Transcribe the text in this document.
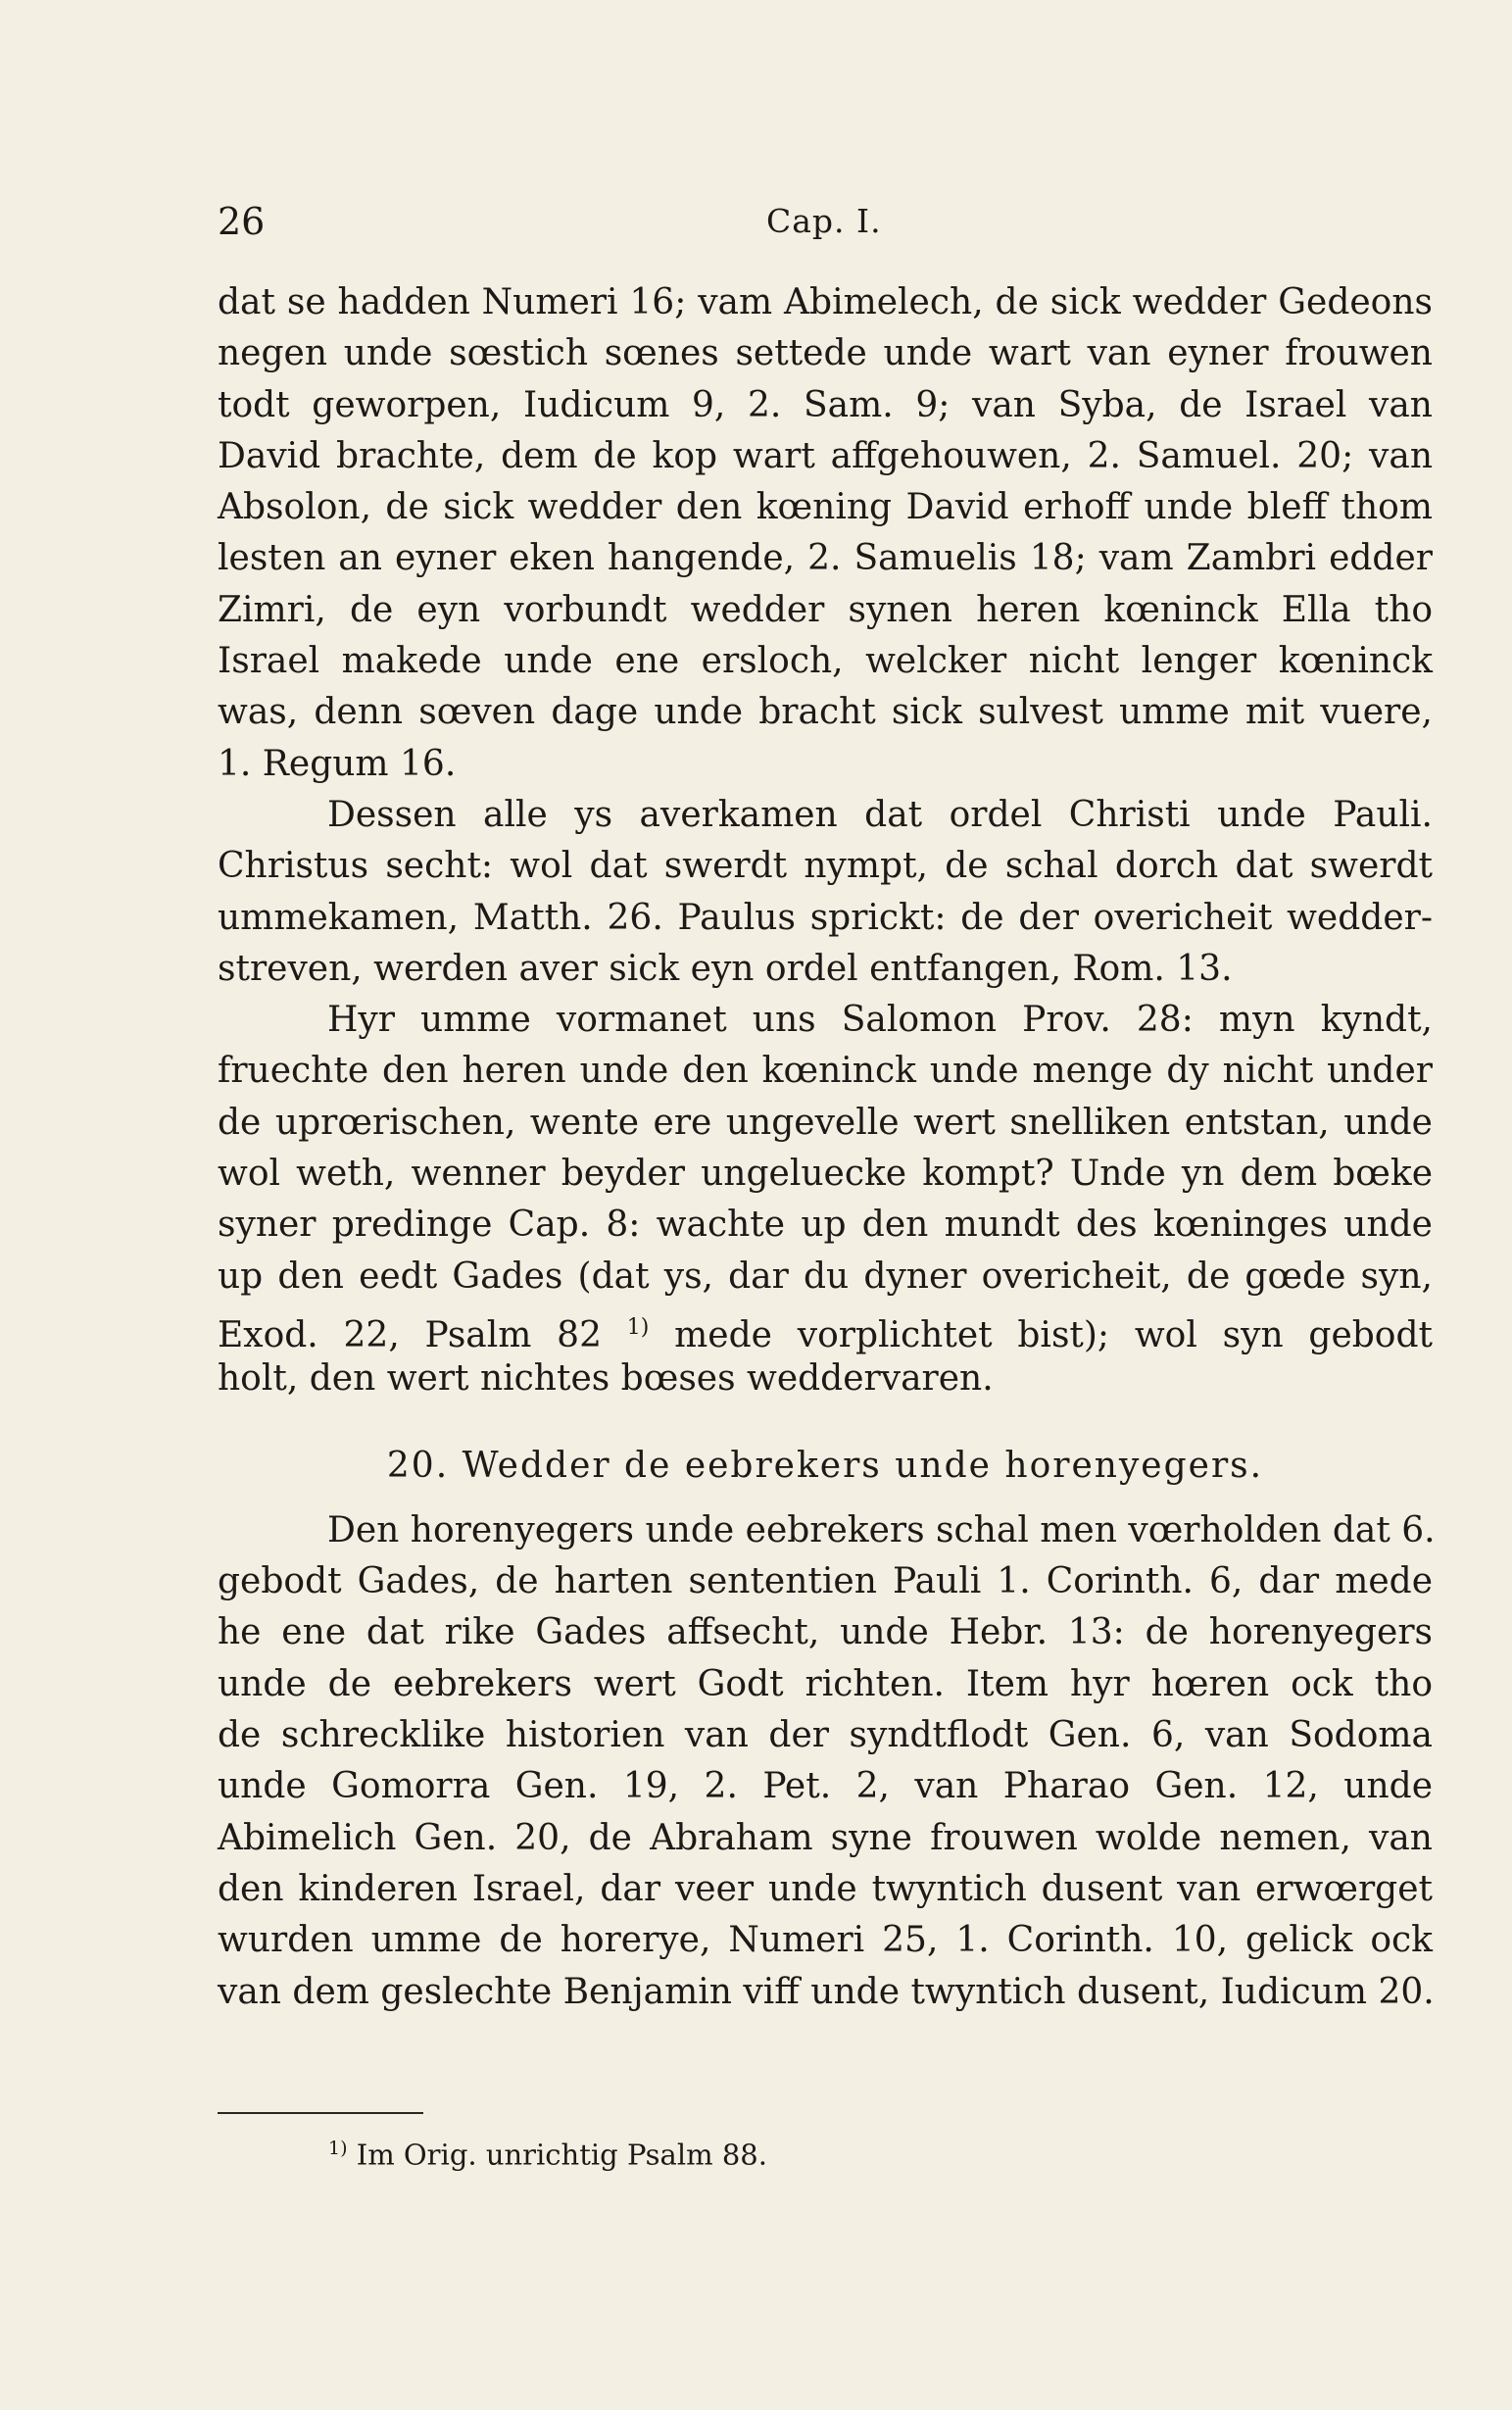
26	Cap. I.
dat se hadden Numeri 16; vam Abimelech, de sick wedder Gedeons
negen unde sœstich sœnes settede unde wart van eyner frouwen
todt geworpen, Iudicum 9, 2. Sam. 9; van Syba, de Israel van
David brachte, dem de kop wart affgehouwen, 2. Samuel. 20; van
Absolon, de sick wedder den kœning David erhoff unde bleff thom
lesten an eyner eken hangende, 2. Samuelis 18; vam Zambri edder
Zimri, de eyn vorbundt wedder synen heren kœninck Ella tho
Israel makede unde ene ersloch, welcker nicht lenger kœninck
was, denn sœven dage unde bracht sick sulvest umme mit vuere,
1. Regum 16.
Dessen alle ys averkamen dat ordel Christi unde Pauli.
Christus secht: wol dat swerdt nympt, de schal dorch dat swerdt
ummekamen, Matth. 26. Paulus sprickt: de der overicheit wedder-
streven, werden aver sick eyn ordel entfangen, Rom. 13.
Hyr umme vormanet uns Salomon Prov. 28: myn kyndt,
fruechte den heren unde den kœninck unde menge dy nicht under
de uprœrischen, wente ere ungevelle wert snelliken entstan, unde
wol weth, wenner beyder ungeluecke kompt? Unde yn dem bœke
syner predinge Cap. 8: wachte up den mundt des kœninges unde
up den eedt Gades (dat ys, dar du dyner overicheit, de gœde syn,
Exod. 22, Psalm 82 $^{1)}$ mede vorplichtet bist); wol syn gebodt
holt, den wert nichtes bœses weddervaren.
20. Wedder de eebrekers unde horenyegers.
Den horenyegers unde eebrekers schal men vœrholden dat 6.
gebodt Gades, de harten sententien Pauli 1. Corinth. 6, dar mede
he ene dat rike Gades affsecht, unde Hebr. 13: de horenyegers
unde de eebrekers wert Godt richten. Item hyr hœren ock tho
de schrecklike historien van der syndtflodt Gen. 6, van Sodoma
unde Gomorra Gen. 19, 2. Pet. 2, van Pharao Gen. 12, unde
Abimelich Gen. 20, de Abraham syne frouwen wolde nemen, van
den kinderen Israel, dar veer unde twyntich dusent van erwœrget
wurden umme de horerye, Numeri 25, 1. Corinth. 10, gelick ock
van dem geslechte Benjamin viff unde twyntich dusent, Iudicum 20.
$^{1)}$ Im Orig. unrichtig Psalm 88.
